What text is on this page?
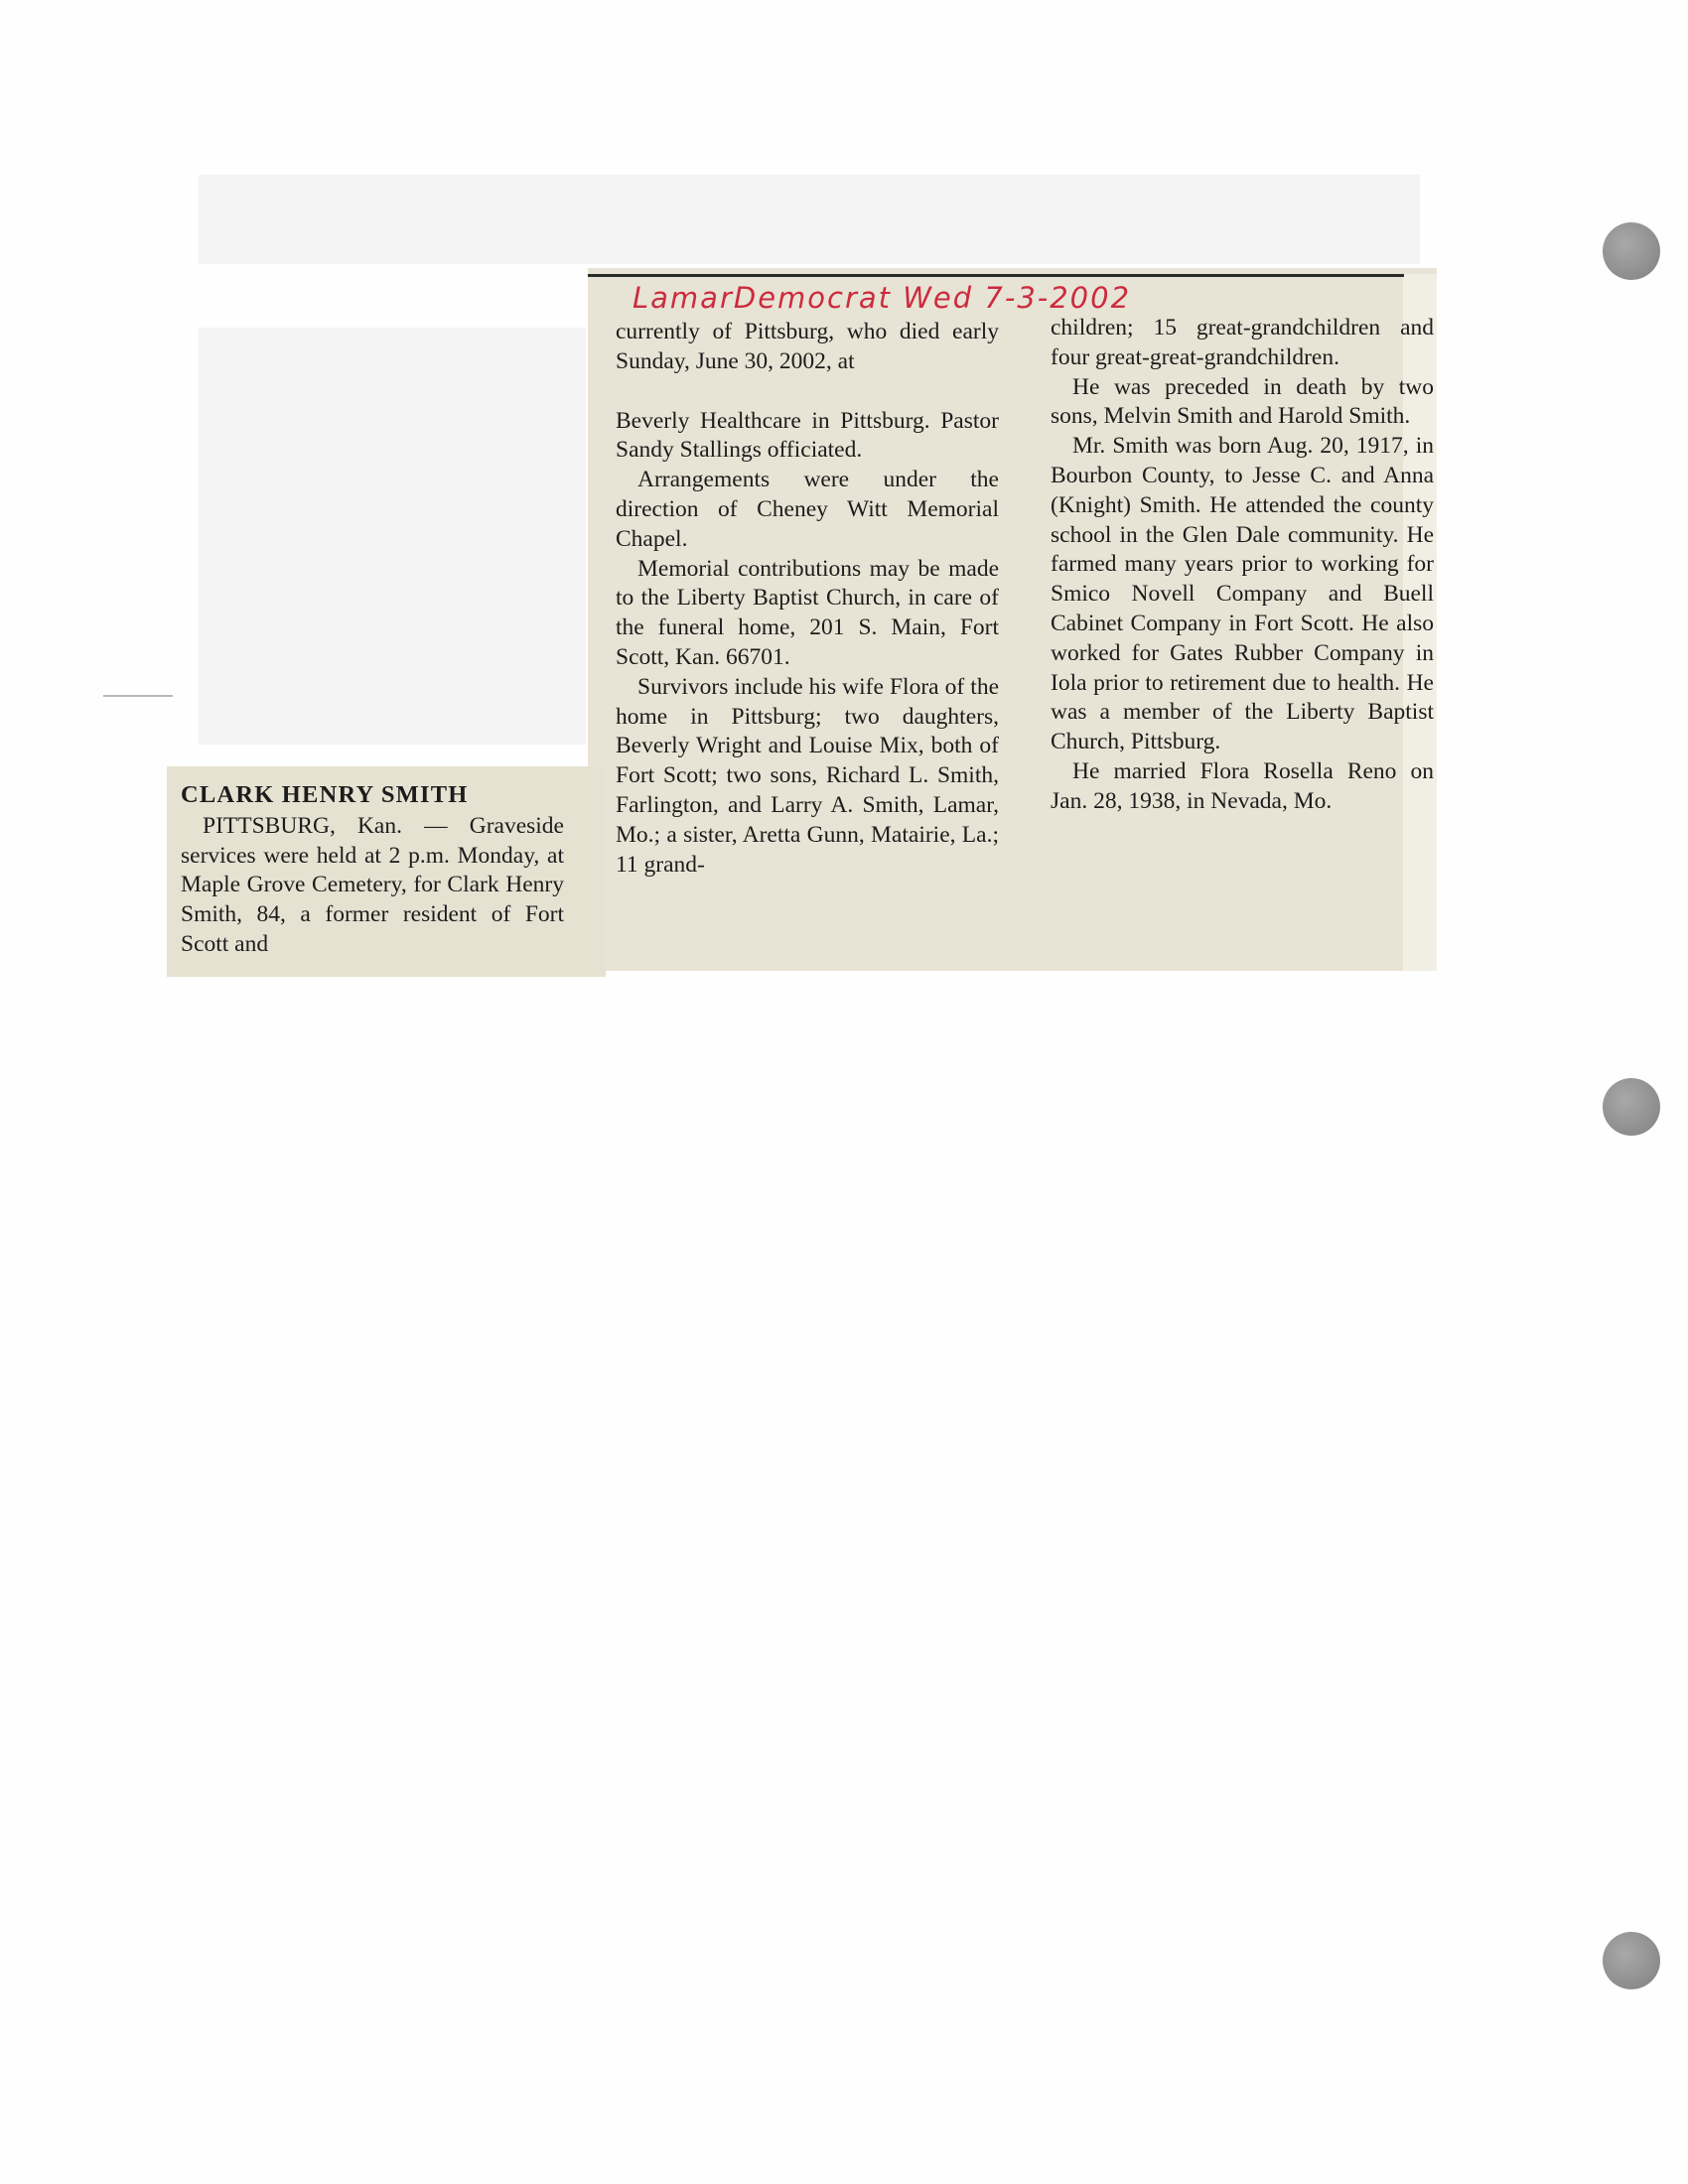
LamarDemocrat Wed 7-3-2002
CLARK HENRY SMITH

PITTSBURG, Kan. — Graveside services were held at 2 p.m. Monday, at Maple Grove Cemetery, for Clark Henry Smith, 84, a former resident of Fort Scott and

currently of Pittsburg, who died early Sunday, June 30, 2002, at

Beverly Healthcare in Pittsburg. Pastor Sandy Stallings officiated.

Arrangements were under the direction of Cheney Witt Memorial Chapel.

Memorial contributions may be made to the Liberty Baptist Church, in care of the funeral home, 201 S. Main, Fort Scott, Kan. 66701.

Survivors include his wife Flora of the home in Pittsburg; two daughters, Beverly Wright and Louise Mix, both of Fort Scott; two sons, Richard L. Smith, Farlington, and Larry A. Smith, Lamar, Mo.; a sister, Aretta Gunn, Matairie, La.; 11 grand-

children; 15 great-grandchildren and four great-great-grandchildren.

He was preceded in death by two sons, Melvin Smith and Harold Smith.

Mr. Smith was born Aug. 20, 1917, in Bourbon County, to Jesse C. and Anna (Knight) Smith. He attended the county school in the Glen Dale community. He farmed many years prior to working for Smico Novell Company and Buell Cabinet Company in Fort Scott. He also worked for Gates Rubber Company in Iola prior to retirement due to health. He was a member of the Liberty Baptist Church, Pittsburg.

He married Flora Rosella Reno on Jan. 28, 1938, in Nevada, Mo.
